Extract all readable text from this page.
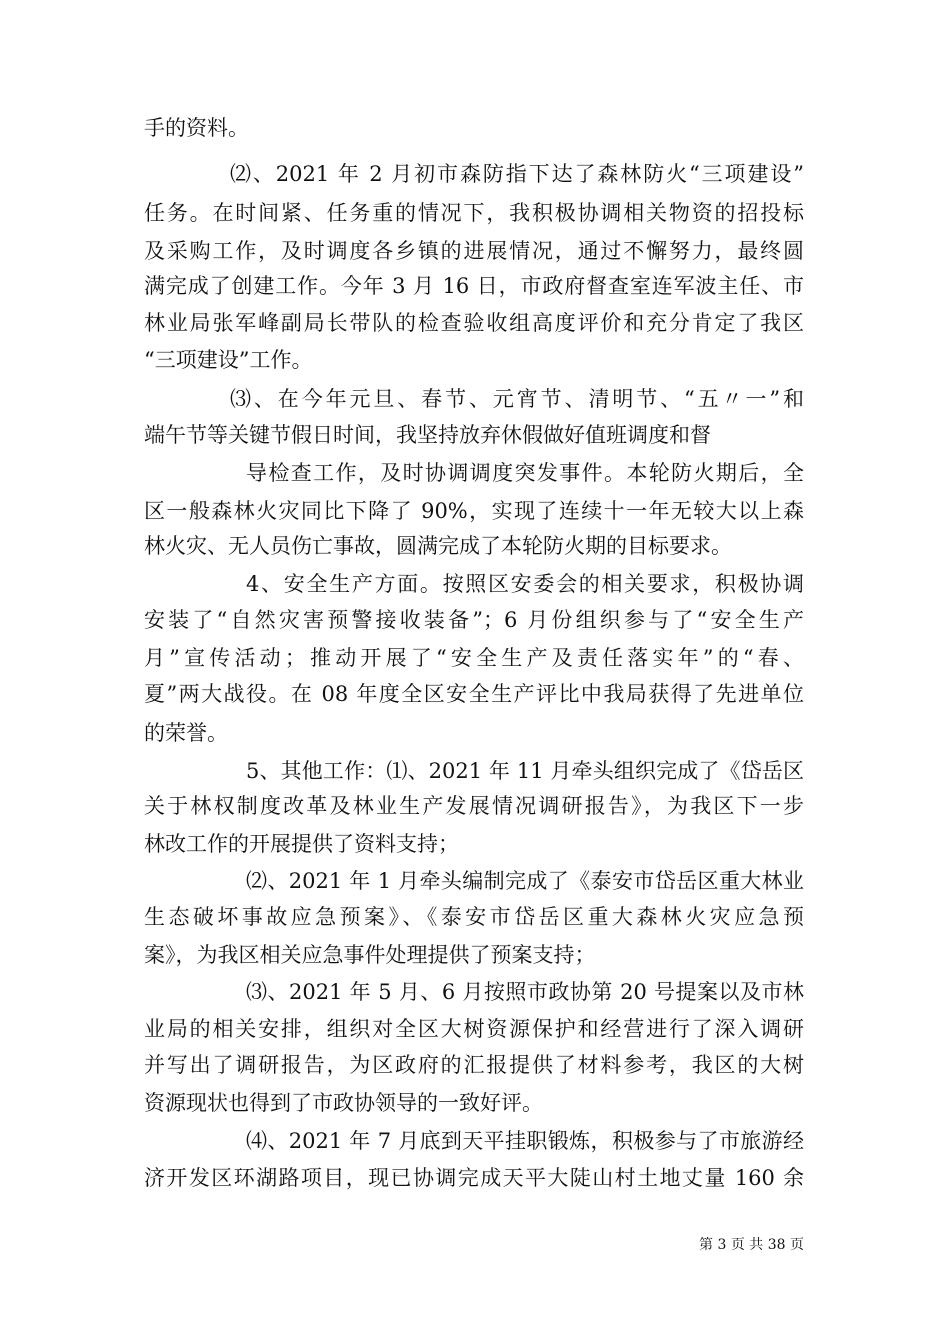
手的资料。
⑵、2021 年 2 月初市森防指下达了森林防火“三项建设”
任务。在时间紧、任务重的情况下，我积极协调相关物资的招投标
及采购工作，及时调度各乡镇的进展情况，通过不懈努力，最终圆
满完成了创建工作。今年 3 月 16 日，市政府督查室连军波主任、市
林业局张军峰副局长带队的检查验收组高度评价和充分肯定了我区
“三项建设”工作。
⑶、在今年元旦、春节、元宵节、清明节、“五〃一”和
端午节等关键节假日时间，我坚持放弃休假做好值班调度和督
导检查工作，及时协调调度突发事件。本轮防火期后，全
区一般森林火灾同比下降了 90%，实现了连续十一年无较大以上森
林火灾、无人员伤亡事故，圆满完成了本轮防火期的目标要求。
4、安全生产方面。按照区安委会的相关要求，积极协调
安装了“自然灾害预警接收装备”；6 月份组织参与了“安全生产
月”宣传活动；推动开展了“安全生产及责任落实年”的“春、
夏”两大战役。在 08 年度全区安全生产评比中我局获得了先进单位
的荣誉。
5、其他工作：⑴、2021 年 11 月牵头组织完成了《岱岳区
关于林权制度改革及林业生产发展情况调研报告》，为我区下一步
林改工作的开展提供了资料支持；
⑵、2021 年 1 月牵头编制完成了《泰安市岱岳区重大林业
生态破坏事故应急预案》、《泰安市岱岳区重大森林火灾应急预
案》，为我区相关应急事件处理提供了预案支持；
⑶、2021 年 5 月、6 月按照市政协第 20 号提案以及市林
业局的相关安排，组织对全区大树资源保护和经营进行了深入调研
并写出了调研报告，为区政府的汇报提供了材料参考，我区的大树
资源现状也得到了市政协领导的一致好评。
⑷、2021 年 7 月底到天平挂职锻炼，积极参与了市旅游经
济开发区环湖路项目，现已协调完成天平大陡山村土地丈量 160 余
第 3 页 共 38 页
